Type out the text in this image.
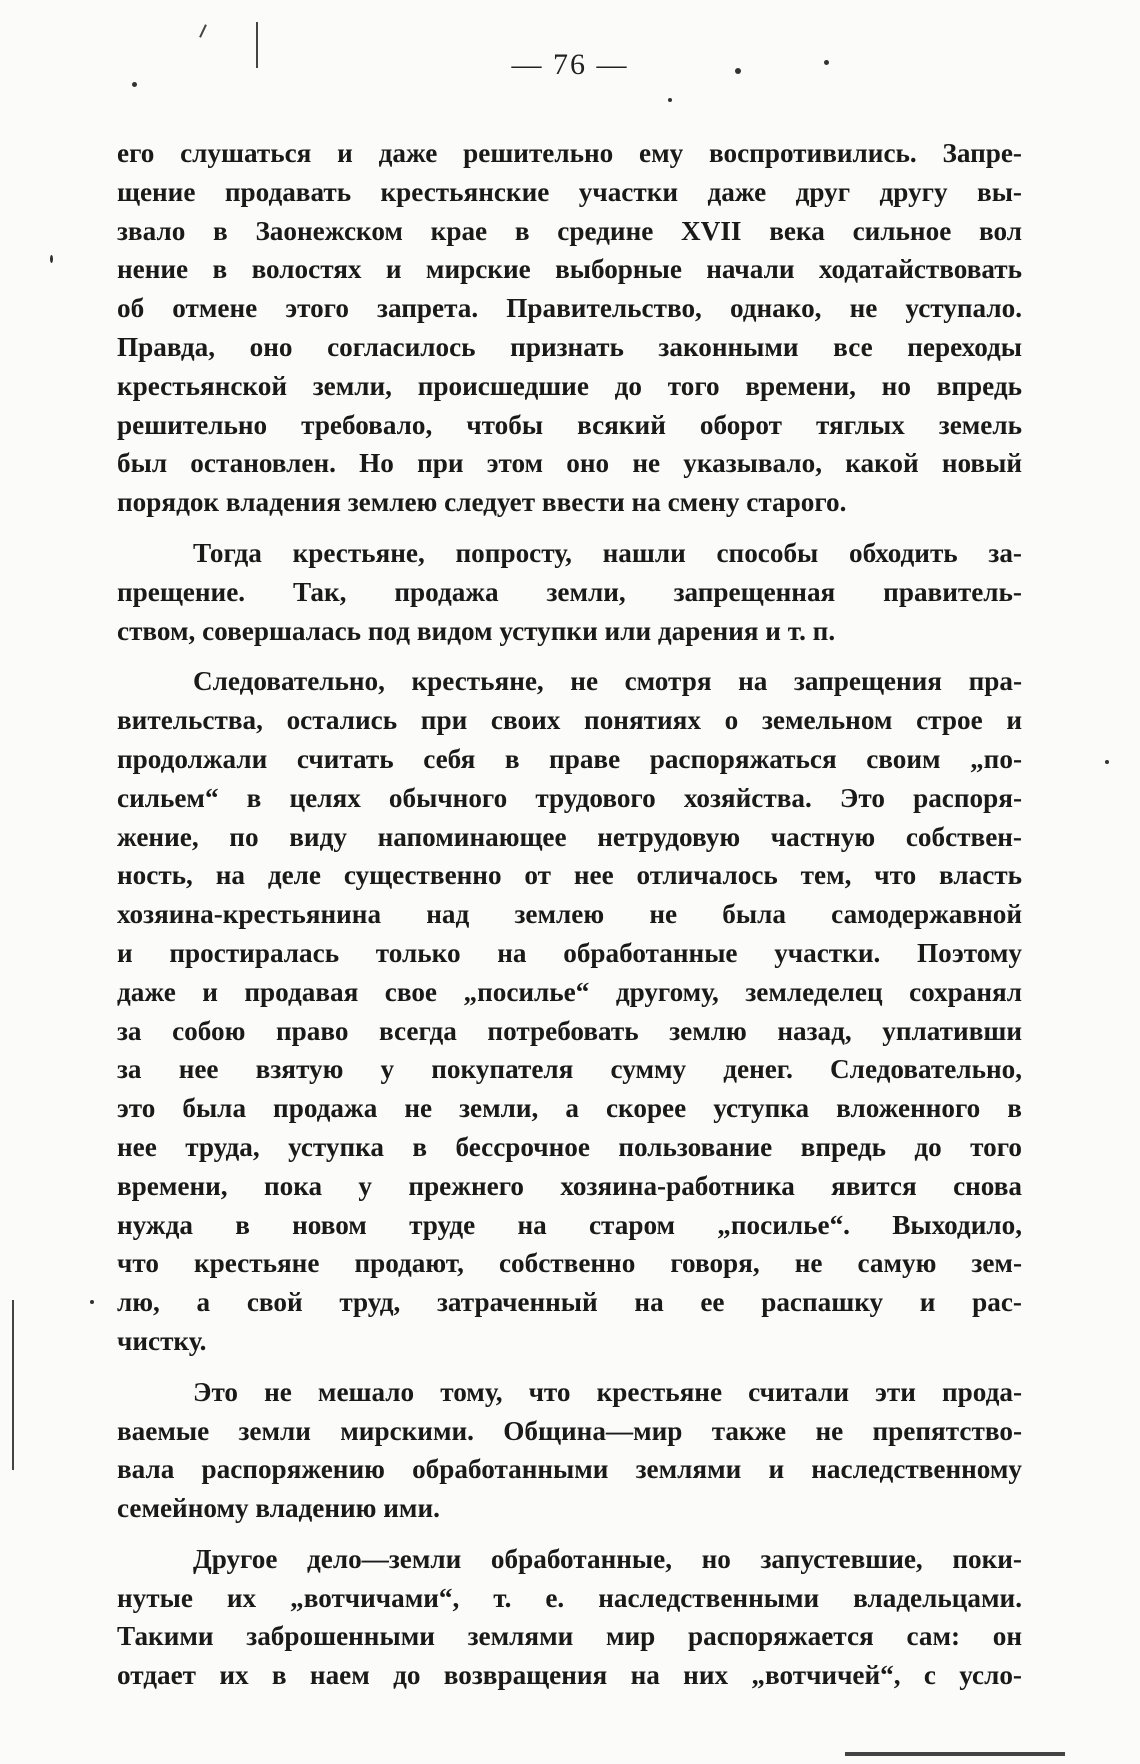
— 76 —
его слушаться и даже решительно ему воспротивились. Запре-
щение продавать крестьянские участки даже друг другу вы-
звало в Заонежском крае в средине XVII века сильное вол
нение в волостях и мирские выборные начали ходатайствовать
об отмене этого запрета. Правительство, однако, не уступало.
Правда, оно согласилось признать законными все переходы
крестьянской земли, происшедшие до того времени, но впредь
решительно требовало, чтобы всякий оборот тяглых земель
был остановлен. Но при этом оно не указывало, какой новый
порядок владения землею следует ввести на смену старого.
Тогда крестьяне, попросту, нашли способы обходить за-
прещение. Так, продажа земли, запрещенная правитель-
ством, совершалась под видом уступки или дарения и т. п.
Следовательно, крестьяне, не смотря на запрещения пра-
вительства, остались при своих понятиях о земельном строе и
продолжали считать себя в праве распоряжаться своим „по-
сильем“ в целях обычного трудового хозяйства. Это распоря-
жение, по виду напоминающее нетрудовую частную собствен-
ность, на деле существенно от нее отличалось тем, что власть
хозяина-крестьянина над землею не была самодержавной
и простиралась только на обработанные участки. Поэтому
даже и продавая свое „посилье“ другому, земледелец сохранял
за собою право всегда потребовать землю назад, уплативши
за нее взятую у покупателя сумму денег. Следовательно,
это была продажа не земли, а скорее уступка вложенного в
нее труда, уступка в бессрочное пользование впредь до того
времени, пока у прежнего хозяина-работника явится снова
нужда в новом труде на старом „посилье“. Выходило,
что крестьяне продают, собственно говоря, не самую зем-
лю, а свой труд, затраченный на ее распашку и рас-
чистку.
Это не мешало тому, что крестьяне считали эти прода-
ваемые земли мирскими. Община—мир также не препятство-
вала распоряжению обработанными землями и наследственному
семейному владению ими.
Другое дело—земли обработанные, но запустевшие, поки-
нутые их „вотчичами“, т. е. наследственными владельцами.
Такими заброшенными землями мир распоряжается сам: он
отдает их в наем до возвращения на них „вотчичей“, с усло-
